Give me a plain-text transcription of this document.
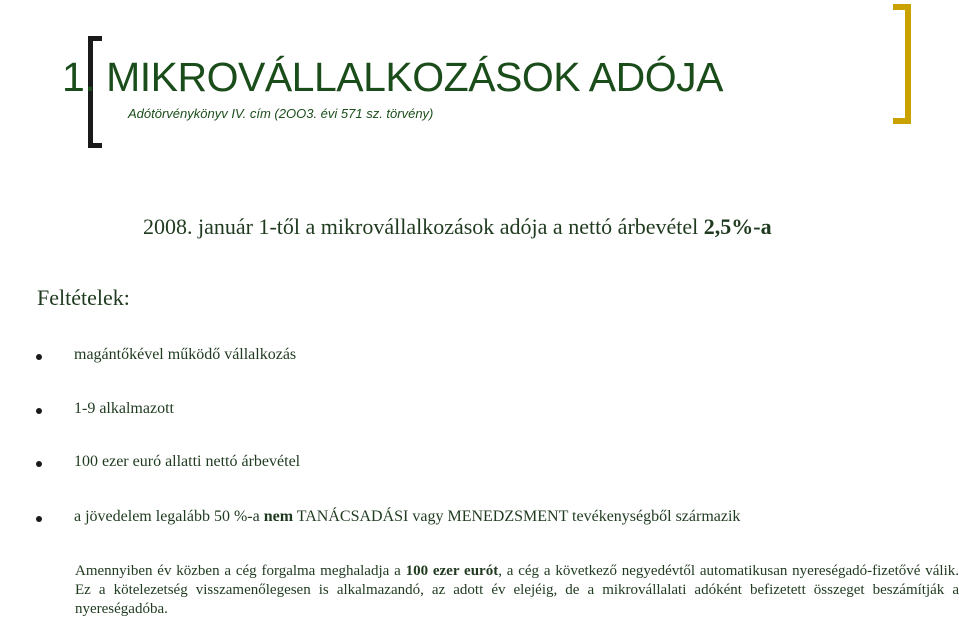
1. MIKROVÁLLALKOZÁSOK ADÓJA
Adótörvénykönyv IV. cím (2OO3. évi 571 sz. törvény)
2008. január 1-től a mikrovállalkozások adója a nettó árbevétel 2,5%-a
Feltételek:
magántőkével működő vállalkozás
1-9 alkalmazott
100 ezer euró allatti nettó árbevétel
a jövedelem legalább 50 %-a nem TANÁCSADÁSI vagy MENEDZSMENT tevékenységből származik
Amennyiben év közben a cég forgalma meghaladja a 100 ezer eurót, a cég a következő negyedévtől automatikusan nyereségadó-fizetővé válik. Ez a kötelezetség visszamenőlegesen is alkalmazandó, az adott év elejéig, de a mikrovállalati adóként befizetett összeget beszámítják a nyereségadóba.
